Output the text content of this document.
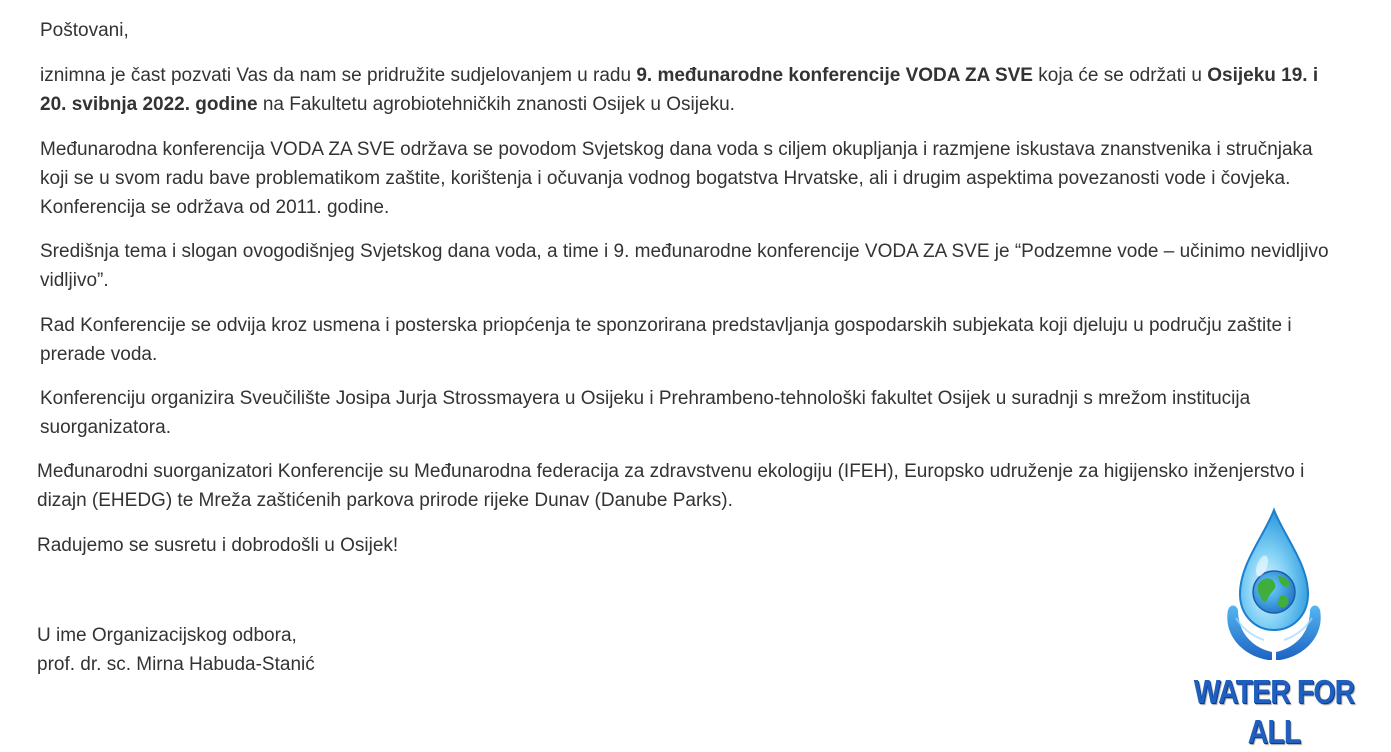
Poštovani,

iznimna je čast pozvati Vas da nam se pridružite sudjelovanjem u radu 9. međunarodne konferencije VODA ZA SVE koja će se održati u Osijeku 19. i 20. svibnja 2022. godine na Fakultetu agrobiotehničkih znanosti Osijek u Osijeku.

Međunarodna konferencija VODA ZA SVE održava se povodom Svjetskog dana voda s ciljem okupljanja i razmjene iskustava znanstvenika i stručnjaka koji se u svom radu bave problematikom zaštite, korištenja i očuvanja vodnog bogatstva Hrvatske, ali i drugim aspektima povezanosti vode i čovjeka. Konferencija se održava od 2011. godine.

Središnja tema i slogan ovogodišnjeg Svjetskog dana voda, a time i 9. međunarodne konferencije VODA ZA SVE je “Podzemne vode – učinimo nevidljivo vidljivo”.

Rad Konferencije se odvija kroz usmena i posterska priopćenja te sponzorirana predstavljanja gospodarskih subjekata koji djeluju u području zaštite i prerade voda.

Konferenciju organizira Sveučilište Josipa Jurja Strossmayera u Osijeku i Prehrambeno-tehnološki fakultet Osijek u suradnji s mrežom institucija suorganizatora.

Međunarodni suorganizatori Konferencije su Međunarodna federacija za zdravstvenu ekologiju (IFEH), Europsko udruženje za higijensko inženjerstvo i dizajn (EHEDG) te Mreža zaštićenih parkova prirode rijeke Dunav (Danube Parks).

Radujemo se susretu i dobrodošli u Osijek!

U ime Organizacijskog odbora,

prof. dr. sc. Mirna Habuda-Stanić

WATER FOR ALL
